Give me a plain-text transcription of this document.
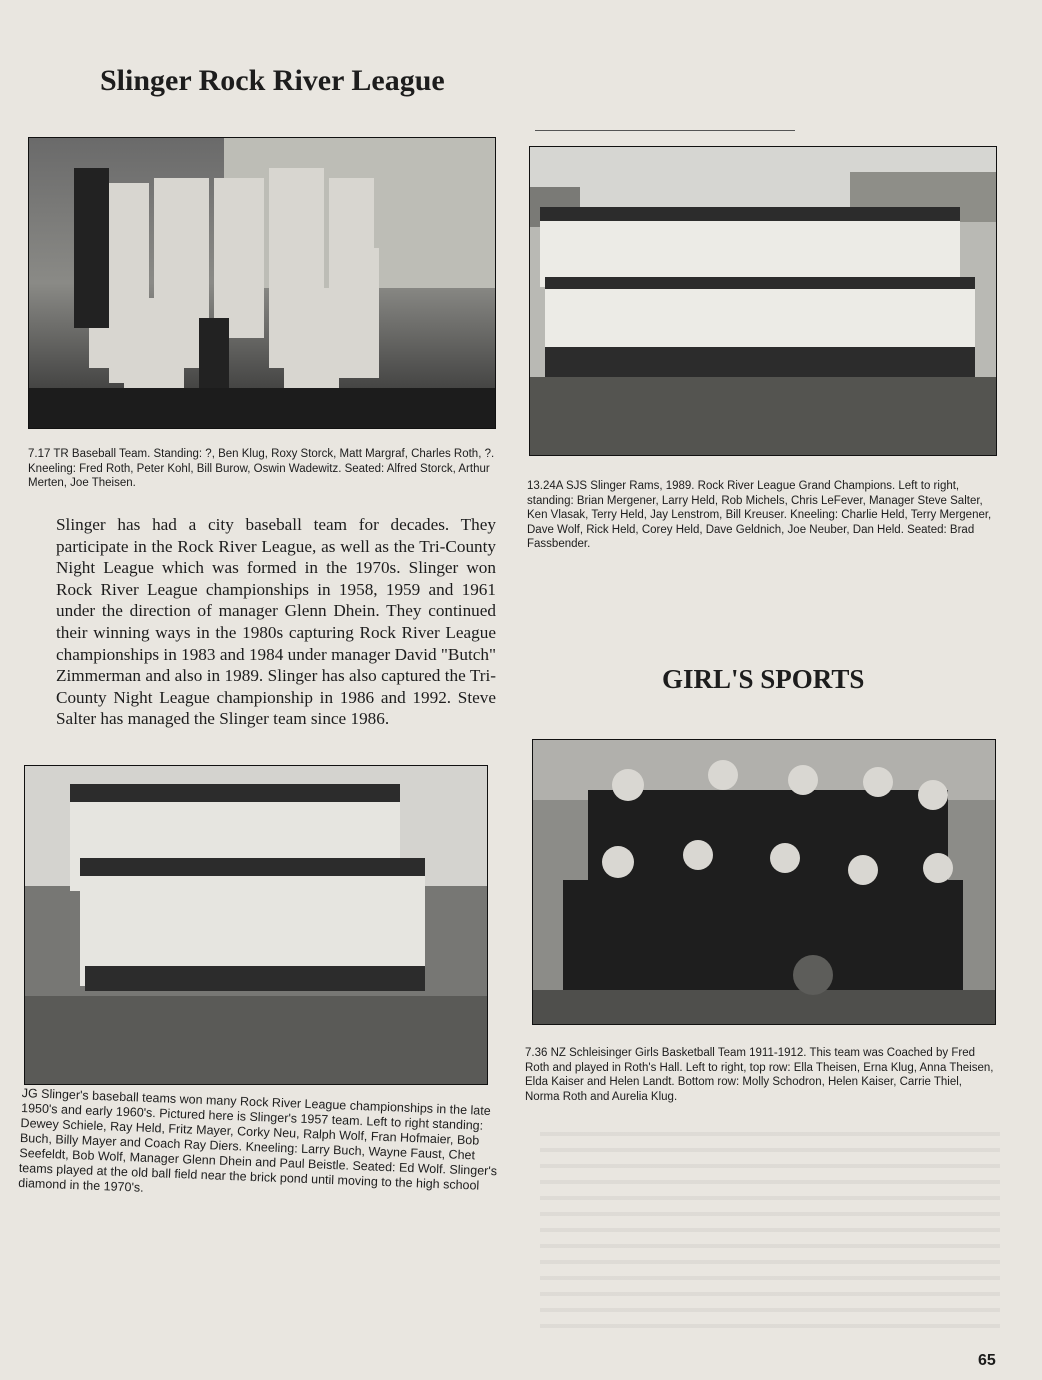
Slinger Rock River League

7.17 TR Baseball Team. Standing: ?, Ben Klug, Roxy Storck, Matt Margraf, Charles Roth, ?. Kneeling: Fred Roth, Peter Kohl, Bill Burow, Oswin Wadewitz. Seated: Alfred Storck, Arthur Merten, Joe Theisen.

Slinger has had a city baseball team for decades. They participate in the Rock River League, as well as the Tri-County Night League which was formed in the 1970s. Slinger won Rock River League championships in 1958, 1959 and 1961 under the direction of manager Glenn Dhein. They continued their winning ways in the 1980s capturing Rock River League championships in 1983 and 1984 under manager David "Butch" Zimmerman and also in 1989. Slinger has also captured the Tri-County Night League championship in 1986 and 1992. Steve Salter has managed the Slinger team since 1986.

13.24A SJS Slinger Rams, 1989. Rock River League Grand Champions. Left to right, standing: Brian Mergener, Larry Held, Rob Michels, Chris LeFever, Manager Steve Salter, Ken Vlasak, Terry Held, Jay Lenstrom, Bill Kreuser. Kneeling: Charlie Held, Terry Mergener, Dave Wolf, Rick Held, Corey Held, Dave Geldnich, Joe Neuber, Dan Held. Seated: Brad Fassbender.

GIRL'S SPORTS

JG Slinger's baseball teams won many Rock River League championships in the late 1950's and early 1960's. Pictured here is Slinger's 1957 team. Left to right standing: Dewey Schiele, Ray Held, Fritz Mayer, Corky Neu, Ralph Wolf, Fran Hofmaier, Bob Buch, Billy Mayer and Coach Ray Diers. Kneeling: Larry Buch, Wayne Faust, Chet Seefeldt, Bob Wolf, Manager Glenn Dhein and Paul Beistle. Seated: Ed Wolf. Slinger's teams played at the old ball field near the brick pond until moving to the high school diamond in the 1970's.

7.36 NZ Schleisinger Girls Basketball Team 1911-1912. This team was Coached by Fred Roth and played in Roth's Hall. Left to right, top row: Ella Theisen, Erna Klug, Anna Theisen, Elda Kaiser and Helen Landt. Bottom row: Molly Schodron, Helen Kaiser, Carrie Thiel, Norma Roth and Aurelia Klug.

65
